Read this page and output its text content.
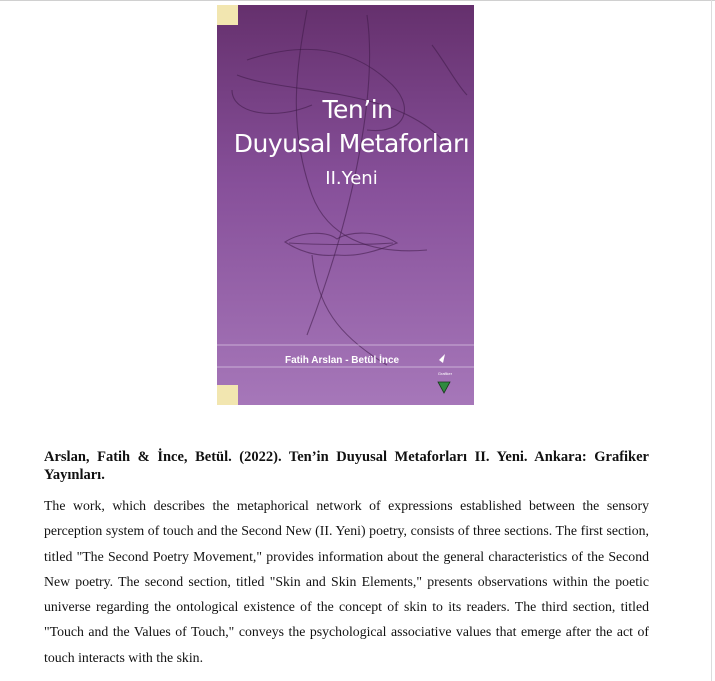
Ten’in
Duyusal Metaforları
II.Yeni
Fatih Arslan - Betül İnce
Grafiker
Arslan, Fatih & İnce, Betül. (2022). Ten’in Duyusal Metaforları II. Yeni. Ankara: Grafiker Yayınları.
The work, which describes the metaphorical network of expressions established between the sensory perception system of touch and the Second New (II. Yeni) poetry, consists of three sections. The first section, titled "The Second Poetry Movement," provides information about the general characteristics of the Second New poetry. The second section, titled "Skin and Skin Elements," presents observations within the poetic universe regarding the ontological existence of the concept of skin to its readers. The third section, titled "Touch and the Values of Touch," conveys the psychological associative values that emerge after the act of touch interacts with the skin.
